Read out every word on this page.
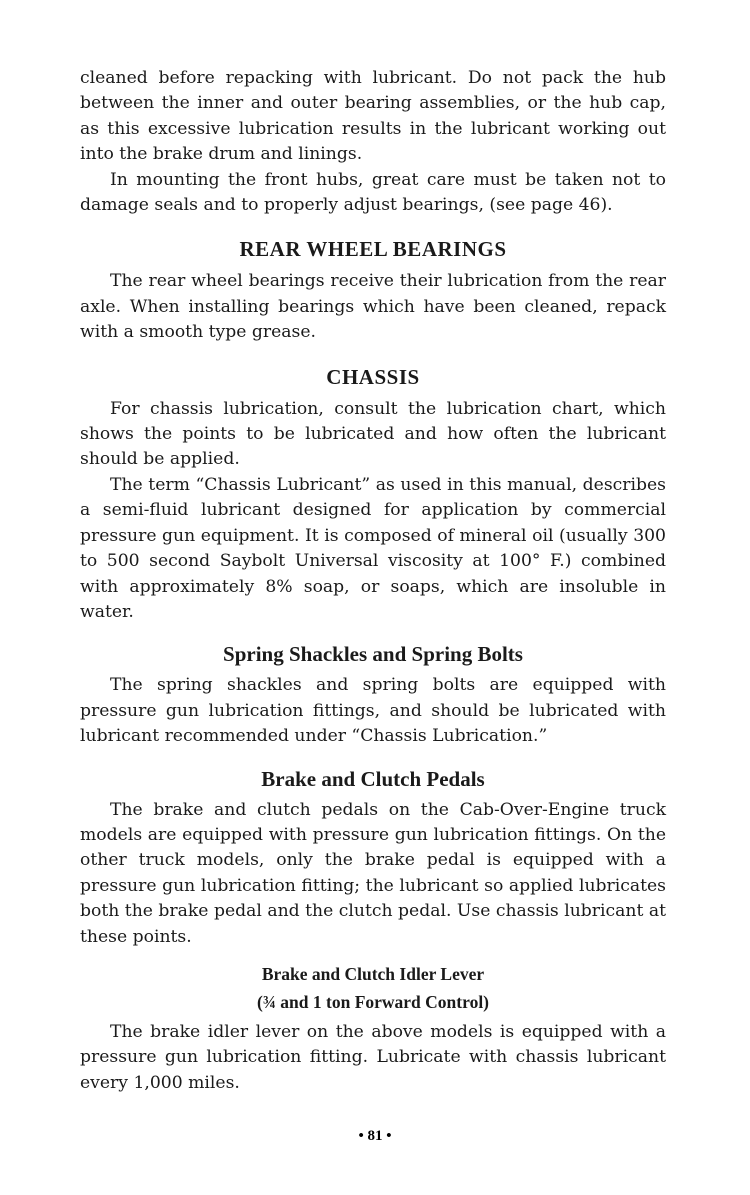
cleaned before repacking with lubricant. Do not pack the hub between the inner and outer bearing assemblies, or the hub cap, as this excessive lubrication results in the lubricant working out into the brake drum and linings.

In mounting the front hubs, great care must be taken not to damage seals and to properly adjust bearings, (see page 46).

REAR WHEEL BEARINGS

The rear wheel bearings receive their lubrication from the rear axle. When installing bearings which have been cleaned, repack with a smooth type grease.

CHASSIS

For chassis lubrication, consult the lubrication chart, which shows the points to be lubricated and how often the lubricant should be applied.

The term “Chassis Lubricant” as used in this manual, describes a semi-fluid lubricant designed for application by commercial pressure gun equipment. It is composed of mineral oil (usually 300 to 500 second Saybolt Universal viscosity at 100° F.) combined with approximately 8% soap, or soaps, which are insoluble in water.

Spring Shackles and Spring Bolts

The spring shackles and spring bolts are equipped with pressure gun lubrication fittings, and should be lubricated with lubricant recommended under “Chassis Lubrication.”

Brake and Clutch Pedals

The brake and clutch pedals on the Cab-Over-Engine truck models are equipped with pressure gun lubrication fittings. On the other truck models, only the brake pedal is equipped with a pressure gun lubrication fitting; the lubricant so applied lubricates both the brake pedal and the clutch pedal. Use chassis lubricant at these points.

Brake and Clutch Idler Lever
(¾ and 1 ton Forward Control)

The brake idler lever on the above models is equipped with a pressure gun lubrication fitting. Lubricate with chassis lubricant every 1,000 miles.

• 81 •
